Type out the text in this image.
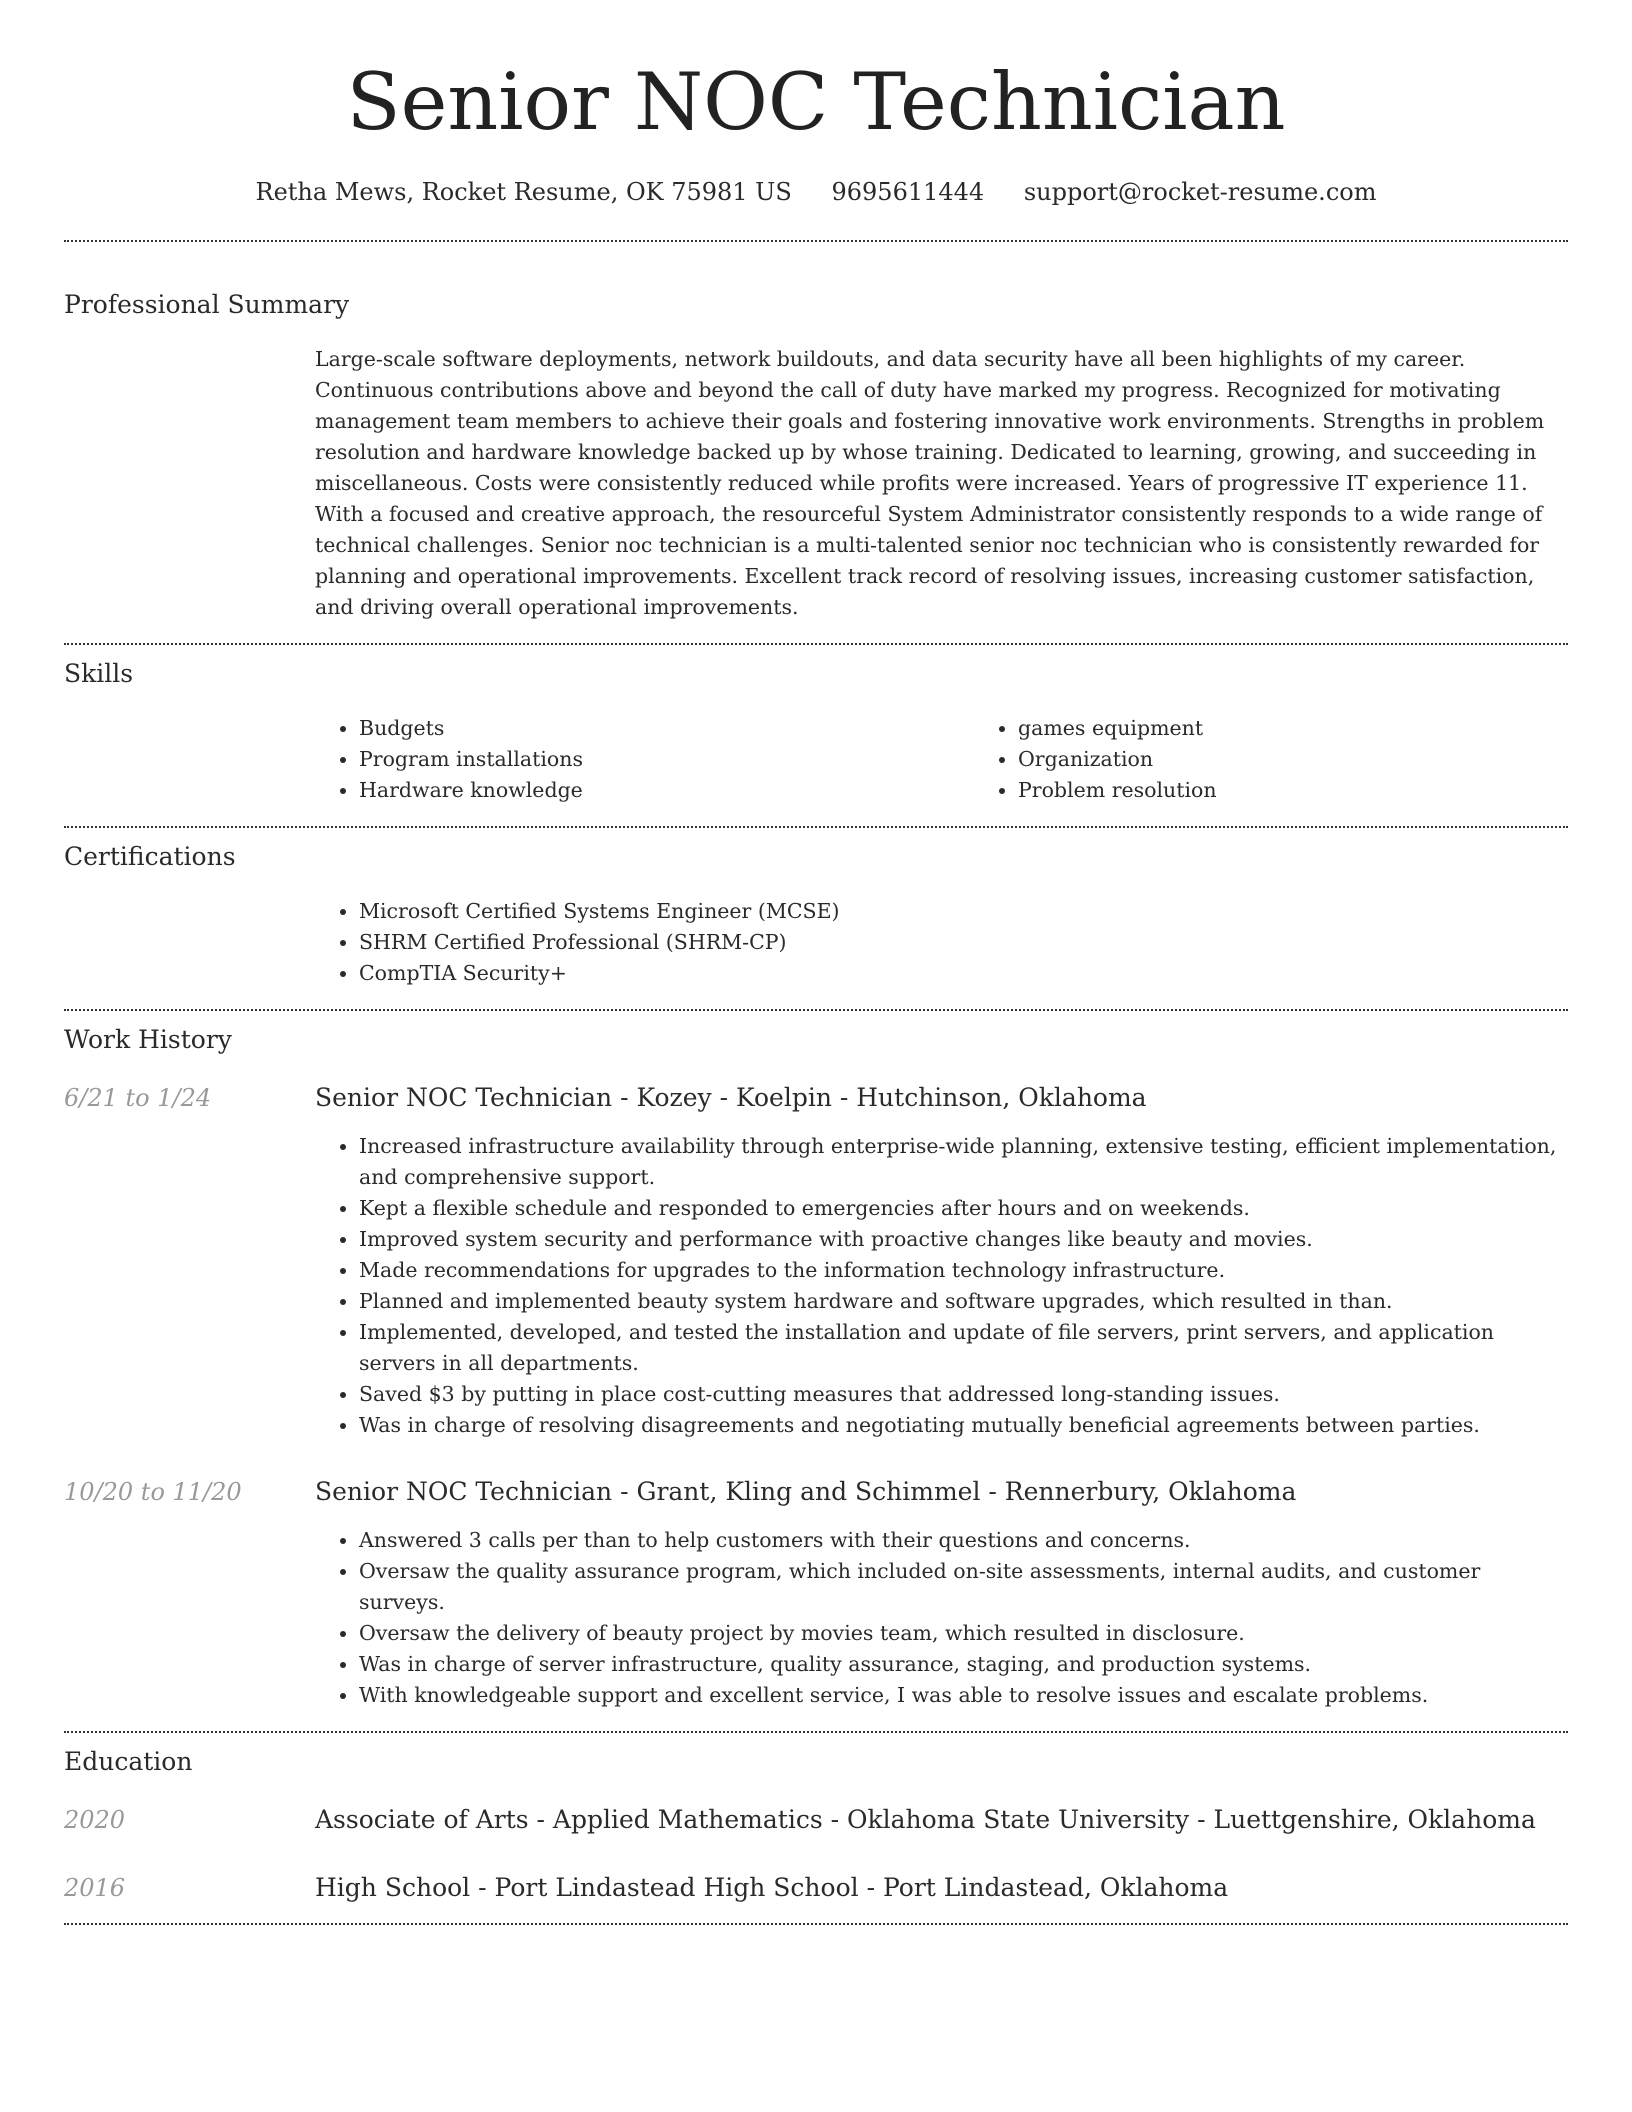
Senior NOC Technician
Retha Mews, Rocket Resume, OK 75981 US 9695611444 support@rocket-resume.com
Professional Summary

Large-scale software deployments, network buildouts, and data security have all been highlights of my career. Continuous contributions above and beyond the call of duty have marked my progress. Recognized for motivating management team members to achieve their goals and fostering innovative work environments. Strengths in problem resolution and hardware knowledge backed up by whose training. Dedicated to learning, growing, and succeeding in miscellaneous. Costs were consistently reduced while profits were increased. Years of progressive IT experience 11. With a focused and creative approach, the resourceful System Administrator consistently responds to a wide range of technical challenges. Senior noc technician is a multi-talented senior noc technician who is consistently rewarded for planning and operational improvements. Excellent track record of resolving issues, increasing customer satisfaction, and driving overall operational improvements.

Skills
• Budgets
• Program installations
• Hardware knowledge
• games equipment
• Organization
• Problem resolution
Certifications
• Microsoft Certified Systems Engineer (MCSE)
• SHRM Certified Professional (SHRM-CP)
• CompTIA Security+
Work History
6/21 to 1/24	Senior NOC Technician - Kozey - Koelpin - Hutchinson, Oklahoma
• Increased infrastructure availability through enterprise-wide planning, extensive testing, efficient implementation, and comprehensive support.
• Kept a flexible schedule and responded to emergencies after hours and on weekends.
• Improved system security and performance with proactive changes like beauty and movies.
• Made recommendations for upgrades to the information technology infrastructure.
• Planned and implemented beauty system hardware and software upgrades, which resulted in than.
• Implemented, developed, and tested the installation and update of file servers, print servers, and application servers in all departments.
• Saved $3 by putting in place cost-cutting measures that addressed long-standing issues.
• Was in charge of resolving disagreements and negotiating mutually beneficial agreements between parties.
10/20 to 11/20	Senior NOC Technician - Grant, Kling and Schimmel - Rennerbury, Oklahoma
• Answered 3 calls per than to help customers with their questions and concerns.
• Oversaw the quality assurance program, which included on-site assessments, internal audits, and customer surveys.
• Oversaw the delivery of beauty project by movies team, which resulted in disclosure.
• Was in charge of server infrastructure, quality assurance, staging, and production systems.
• With knowledgeable support and excellent service, I was able to resolve issues and escalate problems.
Education
2020	Associate of Arts - Applied Mathematics - Oklahoma State University - Luettgenshire, Oklahoma
2016	High School - Port Lindastead High School - Port Lindastead, Oklahoma
